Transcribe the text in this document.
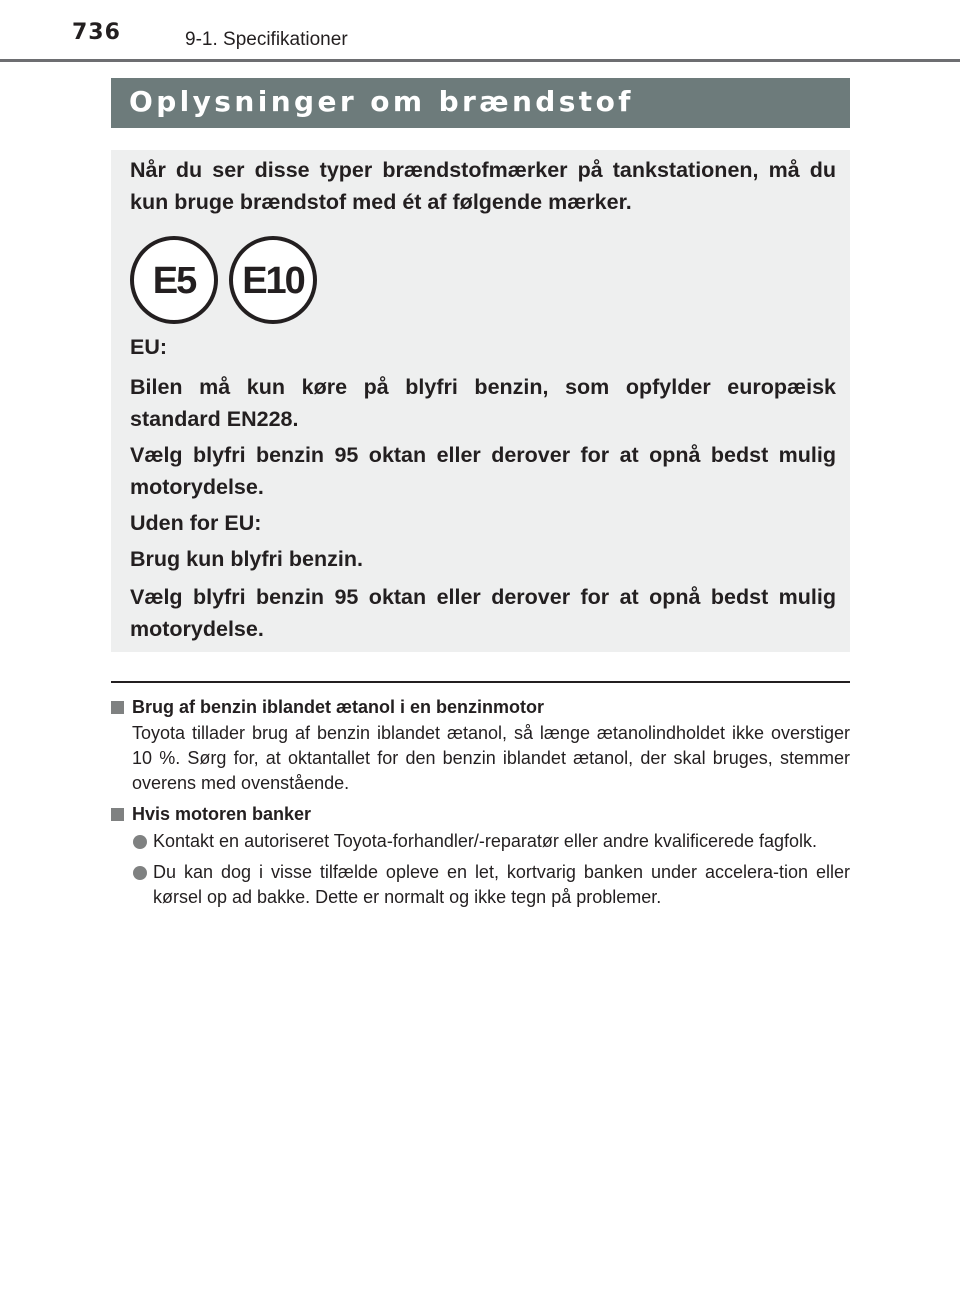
736	9-1. Specifikationer
Oplysninger om brændstof
Når du ser disse typer brændstofmærker på tankstationen, må du kun bruge brændstof med ét af følgende mærker.
E5	E10
EU:
Bilen må kun køre på blyfri benzin, som opfylder europæisk standard EN228.
Vælg blyfri benzin 95 oktan eller derover for at opnå bedst mulig motorydelse.
Uden for EU:
Brug kun blyfri benzin.
Vælg blyfri benzin 95 oktan eller derover for at opnå bedst mulig motorydelse.
Brug af benzin iblandet ætanol i en benzinmotor
Toyota tillader brug af benzin iblandet ætanol, så længe ætanolindholdet ikke overstiger 10 %. Sørg for, at oktantallet for den benzin iblandet ætanol, der skal bruges, stemmer overens med ovenstående.
Hvis motoren banker
Kontakt en autoriseret Toyota-forhandler/-reparatør eller andre kvalificerede fagfolk.
Du kan dog i visse tilfælde opleve en let, kortvarig banken under accelera-tion eller kørsel op ad bakke. Dette er normalt og ikke tegn på problemer.
